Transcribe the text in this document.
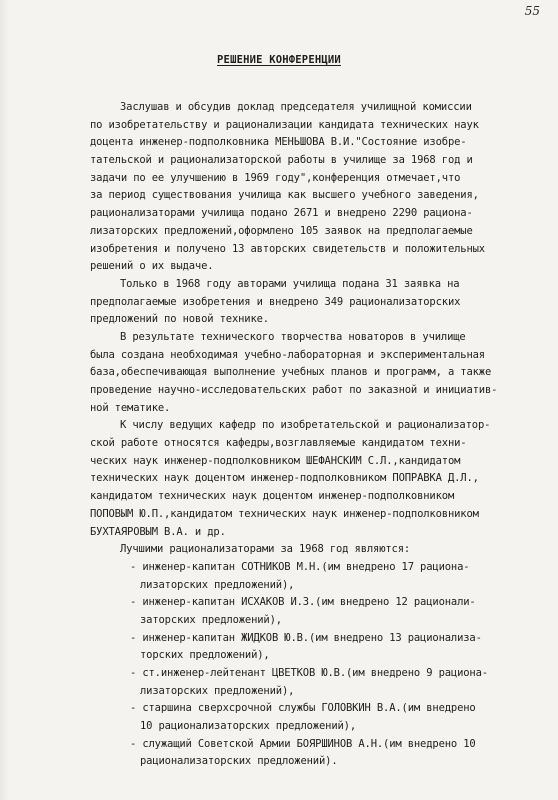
55
РЕШЕНИЕ КОНФЕРЕНЦИИ
Заслушав и обсудив доклад председателя училищной комиссии
по изобретательству и рационализации кандидата технических наук
доцента инженер-подполковника МЕНЬШОВА В.И."Состояние изобре-
тательской и рационализаторской работы в училище за 1968 год и
задачи по ее улучшению в 1969 году",конференция отмечает,что
за период существования училища как высшего учебного заведения,
рационализаторами училища подано 2671 и внедрено 2290 рациона-
лизаторских предложений,оформлено 105 заявок на предполагаемые
изобретения и получено 13 авторских свидетельств и положительных
решений о их выдаче.
Только в 1968 году авторами училища подана 31 заявка на
предполагаемые изобретения и внедрено 349 рационализаторских
предложений по новой технике.
В результате технического творчества новаторов в училище
была создана необходимая учебно-лабораторная и экспериментальная
база,обеспечивающая выполнение учебных планов и программ, а также
проведение научно-исследовательских работ по заказной и инициатив-
ной тематике.
К числу ведущих кафедр по изобретательской и рационализатор-
ской работе относятся кафедры,возглавляемые кандидатом техни-
ческих наук инженер-подполковником ШЕФАНСКИМ С.Л.,кандидатом
технических наук доцентом инженер-подполковником ПОПРАВКА Д.Л.,
кандидатом технических наук доцентом инженер-подполковником
ПОПОВЫМ Ю.П.,кандидатом технических наук инженер-подполковником
БУХТАЯРОВЫМ В.А. и др.
Лучшими рационализаторами за 1968 год являются:
- инженер-капитан СОТНИКОВ М.Н.(им внедрено 17 рациона-
лизаторских предложений),
- инженер-капитан ИСХАКОВ И.З.(им внедрено 12 рационали-
заторских предложений),
- инженер-капитан ЖИДКОВ Ю.В.(им внедрено 13 рационализа-
торских предложений),
- ст.инженер-лейтенант ЦВЕТКОВ Ю.В.(им внедрено 9 рациона-
лизаторских предложений),
- старшина сверхсрочной службы ГОЛОВКИН В.А.(им внедрено
10 рационализаторских предложений),
- служащий Советской Армии БОЯРШИНОВ А.Н.(им внедрено 10
рационализаторских предложений).
